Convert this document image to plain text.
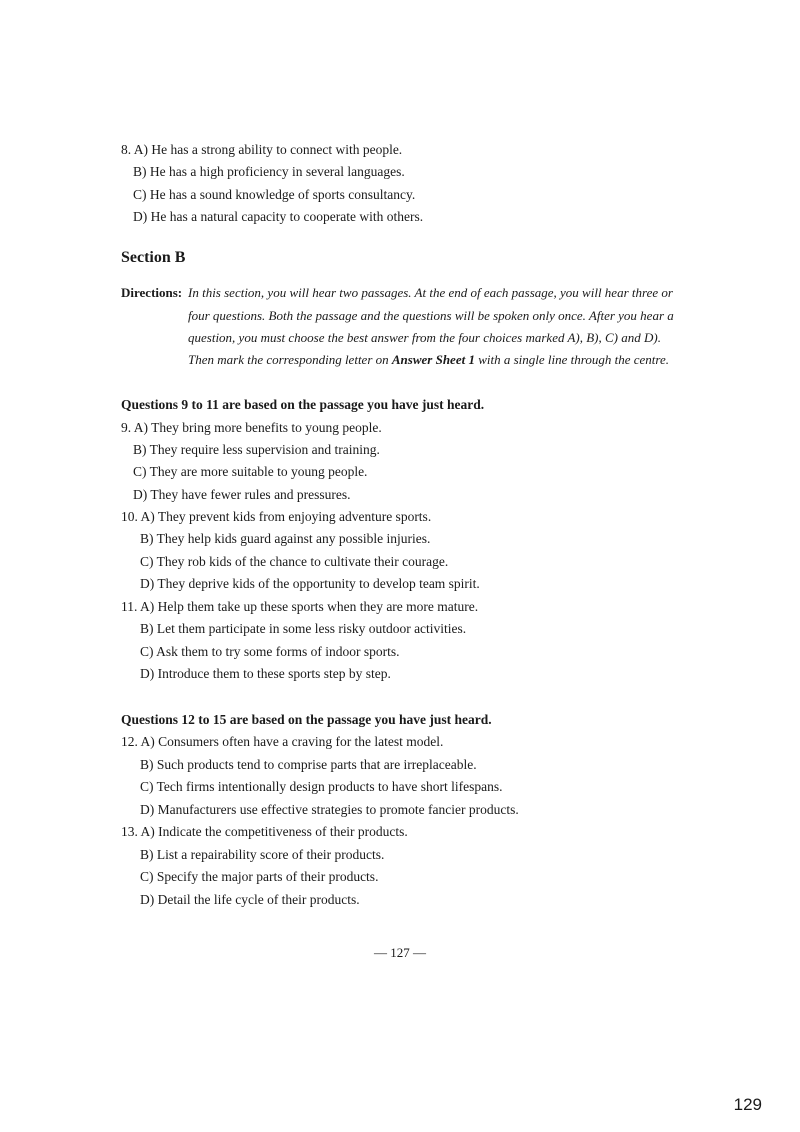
8. A) He has a strong ability to connect with people.
B) He has a high proficiency in several languages.
C) He has a sound knowledge of sports consultancy.
D) He has a natural capacity to cooperate with others.
Section B
Directions: In this section, you will hear two passages. At the end of each passage, you will hear three or
four questions. Both the passage and the questions will be spoken only once. After you hear a
question, you must choose the best answer from the four choices marked A), B), C) and D).
Then mark the corresponding letter on Answer Sheet 1 with a single line through the centre.
Questions 9 to 11 are based on the passage you have just heard.
9. A) They bring more benefits to young people.
B) They require less supervision and training.
C) They are more suitable to young people.
D) They have fewer rules and pressures.
10. A) They prevent kids from enjoying adventure sports.
B) They help kids guard against any possible injuries.
C) They rob kids of the chance to cultivate their courage.
D) They deprive kids of the opportunity to develop team spirit.
11. A) Help them take up these sports when they are more mature.
B) Let them participate in some less risky outdoor activities.
C) Ask them to try some forms of indoor sports.
D) Introduce them to these sports step by step.
Questions 12 to 15 are based on the passage you have just heard.
12. A) Consumers often have a craving for the latest model.
B) Such products tend to comprise parts that are irreplaceable.
C) Tech firms intentionally design products to have short lifespans.
D) Manufacturers use effective strategies to promote fancier products.
13. A) Indicate the competitiveness of their products.
B) List a repairability score of their products.
C) Specify the major parts of their products.
D) Detail the life cycle of their products.
— 127 —
129
